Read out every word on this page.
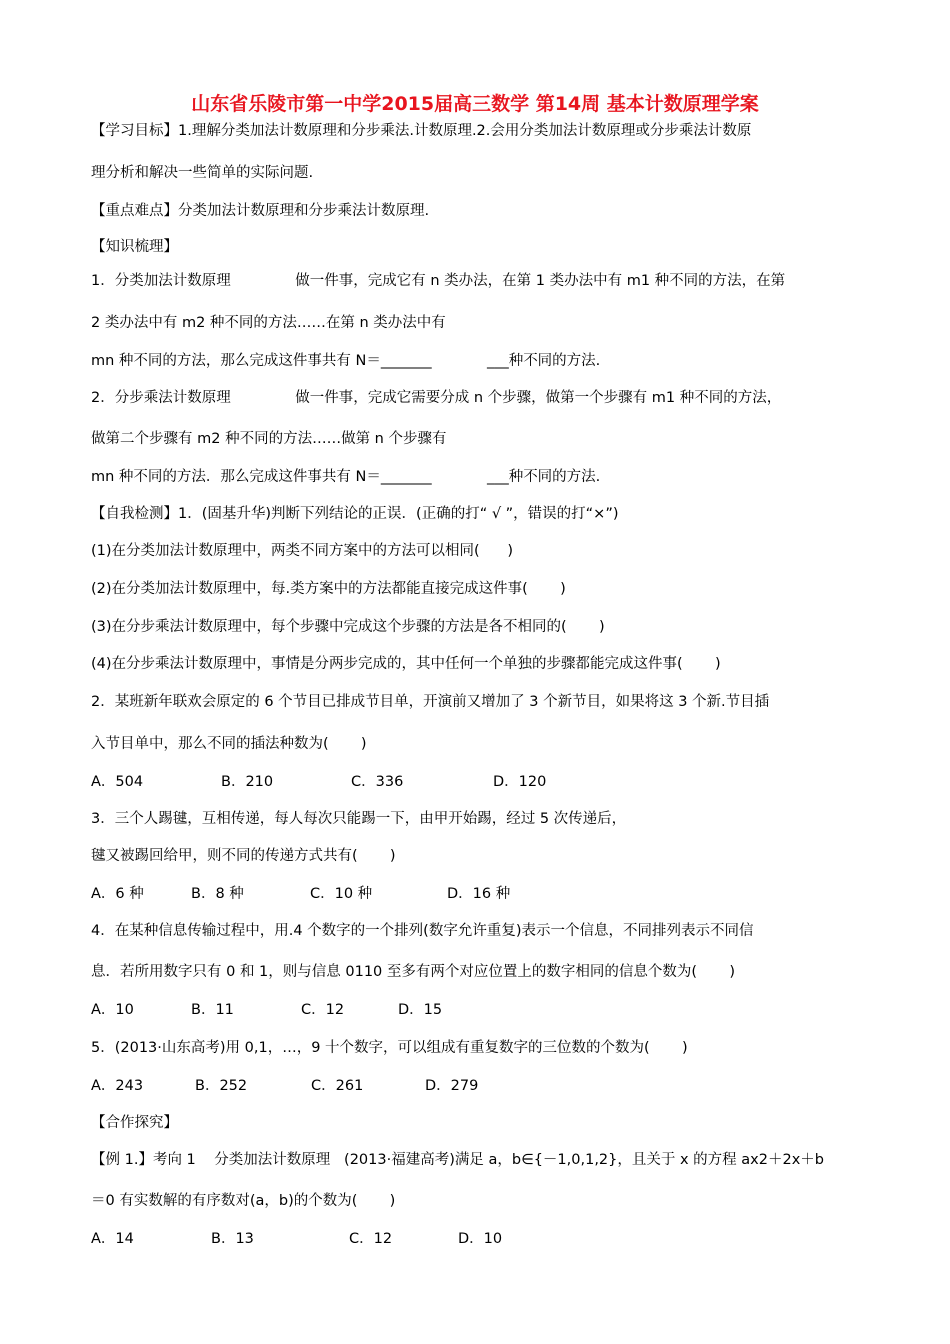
山东省乐陵市第一中学2015届高三数学 第14周 基本计数原理学案
【学习目标】1.理解分类加法计数原理和分步乘法.计数原理.2.会用分类加法计数原理或分步乘法计数原
理分析和解决一些简单的实际问题.
【重点难点】分类加法计数原理和分步乘法计数原理.
【知识梳理】
1．分类加法计数原理              做一件事，完成它有 n 类办法，在第 1 类办法中有 m1 种不同的方法，在第
2 类办法中有 m2 种不同的方法……在第 n 类办法中有
mn 种不同的方法，那么完成这件事共有 N＝_______            ___种不同的方法.
2．分步乘法计数原理              做一件事，完成它需要分成 n 个步骤，做第一个步骤有 m1 种不同的方法，
做第二个步骤有 m2 种不同的方法……做第 n 个步骤有
mn 种不同的方法．那么完成这件事共有 N＝_______            ___种不同的方法.
【自我检测】1．(固基升华)判断下列结论的正误．(正确的打“ √ ”，错误的打“×”)
(1)在分类加法计数原理中，两类不同方案中的方法可以相同(      )
(2)在分类加法计数原理中，每.类方案中的方法都能直接完成这件事(       )
(3)在分步乘法计数原理中，每个步骤中完成这个步骤的方法是各不相同的(       )
(4)在分步乘法计数原理中，事情是分两步完成的，其中任何一个单独的步骤都能完成这件事(       )
2．某班新年联欢会原定的 6 个节目已排成节目单，开演前又增加了 3 个新节目，如果将这 3 个新.节目插
入节目单中，那么不同的插法种数为(       )
A．504	B．210	C．336	D．120
3．三个人踢毽，互相传递，每人每次只能踢一下，由甲开始踢，经过 5 次传递后，
毽又被踢回给甲，则不同的传递方式共有(       )
A．6 种	B．8 种	C．10 种	D．16 种
4．在某种信息传输过程中，用.4 个数字的一个排列(数字允许重复)表示一个信息，不同排列表示不同信
息．若所用数字只有 0 和 1，则与信息 0110 至多有两个对应位置上的数字相同的信息个数为(       )
A．10	B．11	C．12	D．15
5．(2013·山东高考)用 0,1，…，9 十个数字，可以组成有重复数字的三位数的个数为(       )
A．243	B．252	C．261	D．279
【合作探究】
【例 1.】考向 1    分类加法计数原理   (2013·福建高考)满足 a，b∈{－1,0,1,2}，且关于 x 的方程 ax2＋2x＋b
＝0 有实数解的有序数对(a，b)的个数为(       )
A．14	B．13	C．12	D．10
